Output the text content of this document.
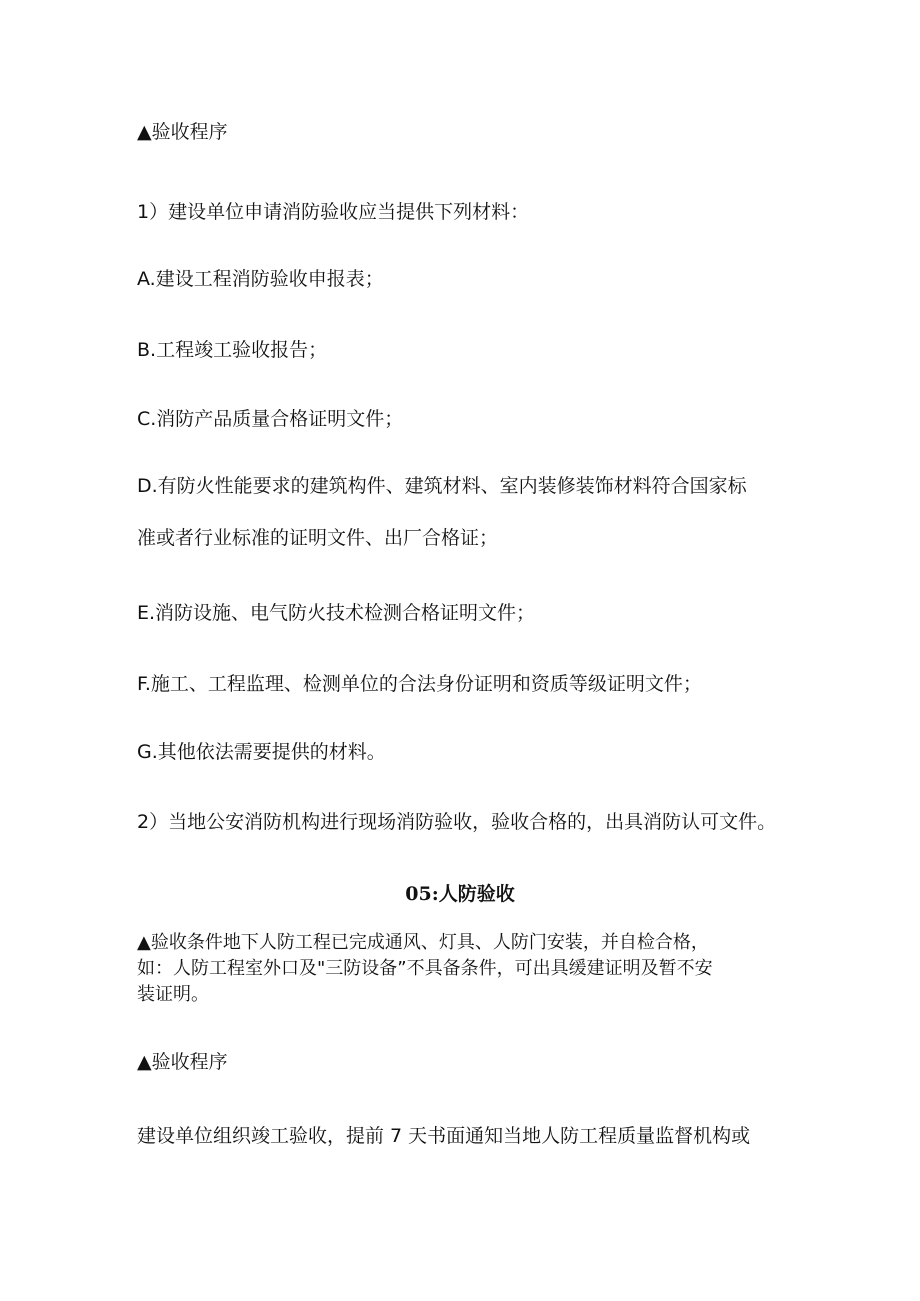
▲验收程序
1）建设单位申请消防验收应当提供下列材料：
A.建设工程消防验收申报表；
B.工程竣工验收报告；
C.消防产品质量合格证明文件；
D.有防火性能要求的建筑构件、建筑材料、室内装修装饰材料符合国家标
准或者行业标准的证明文件、出厂合格证；
E.消防设施、电气防火技术检测合格证明文件；
F.施工、工程监理、检测单位的合法身份证明和资质等级证明文件；
G.其他依法需要提供的材料。
2）当地公安消防机构进行现场消防验收，验收合格的，出具消防认可文件。
05:人防验收
▲验收条件地下人防工程已完成通风、灯具、人防门安装，并自检合格，
如：人防工程室外口及"三防设备”不具备条件，可出具缓建证明及暂不安
装证明。
▲验收程序
建设单位组织竣工验收，提前 7 天书面通知当地人防工程质量监督机构或
